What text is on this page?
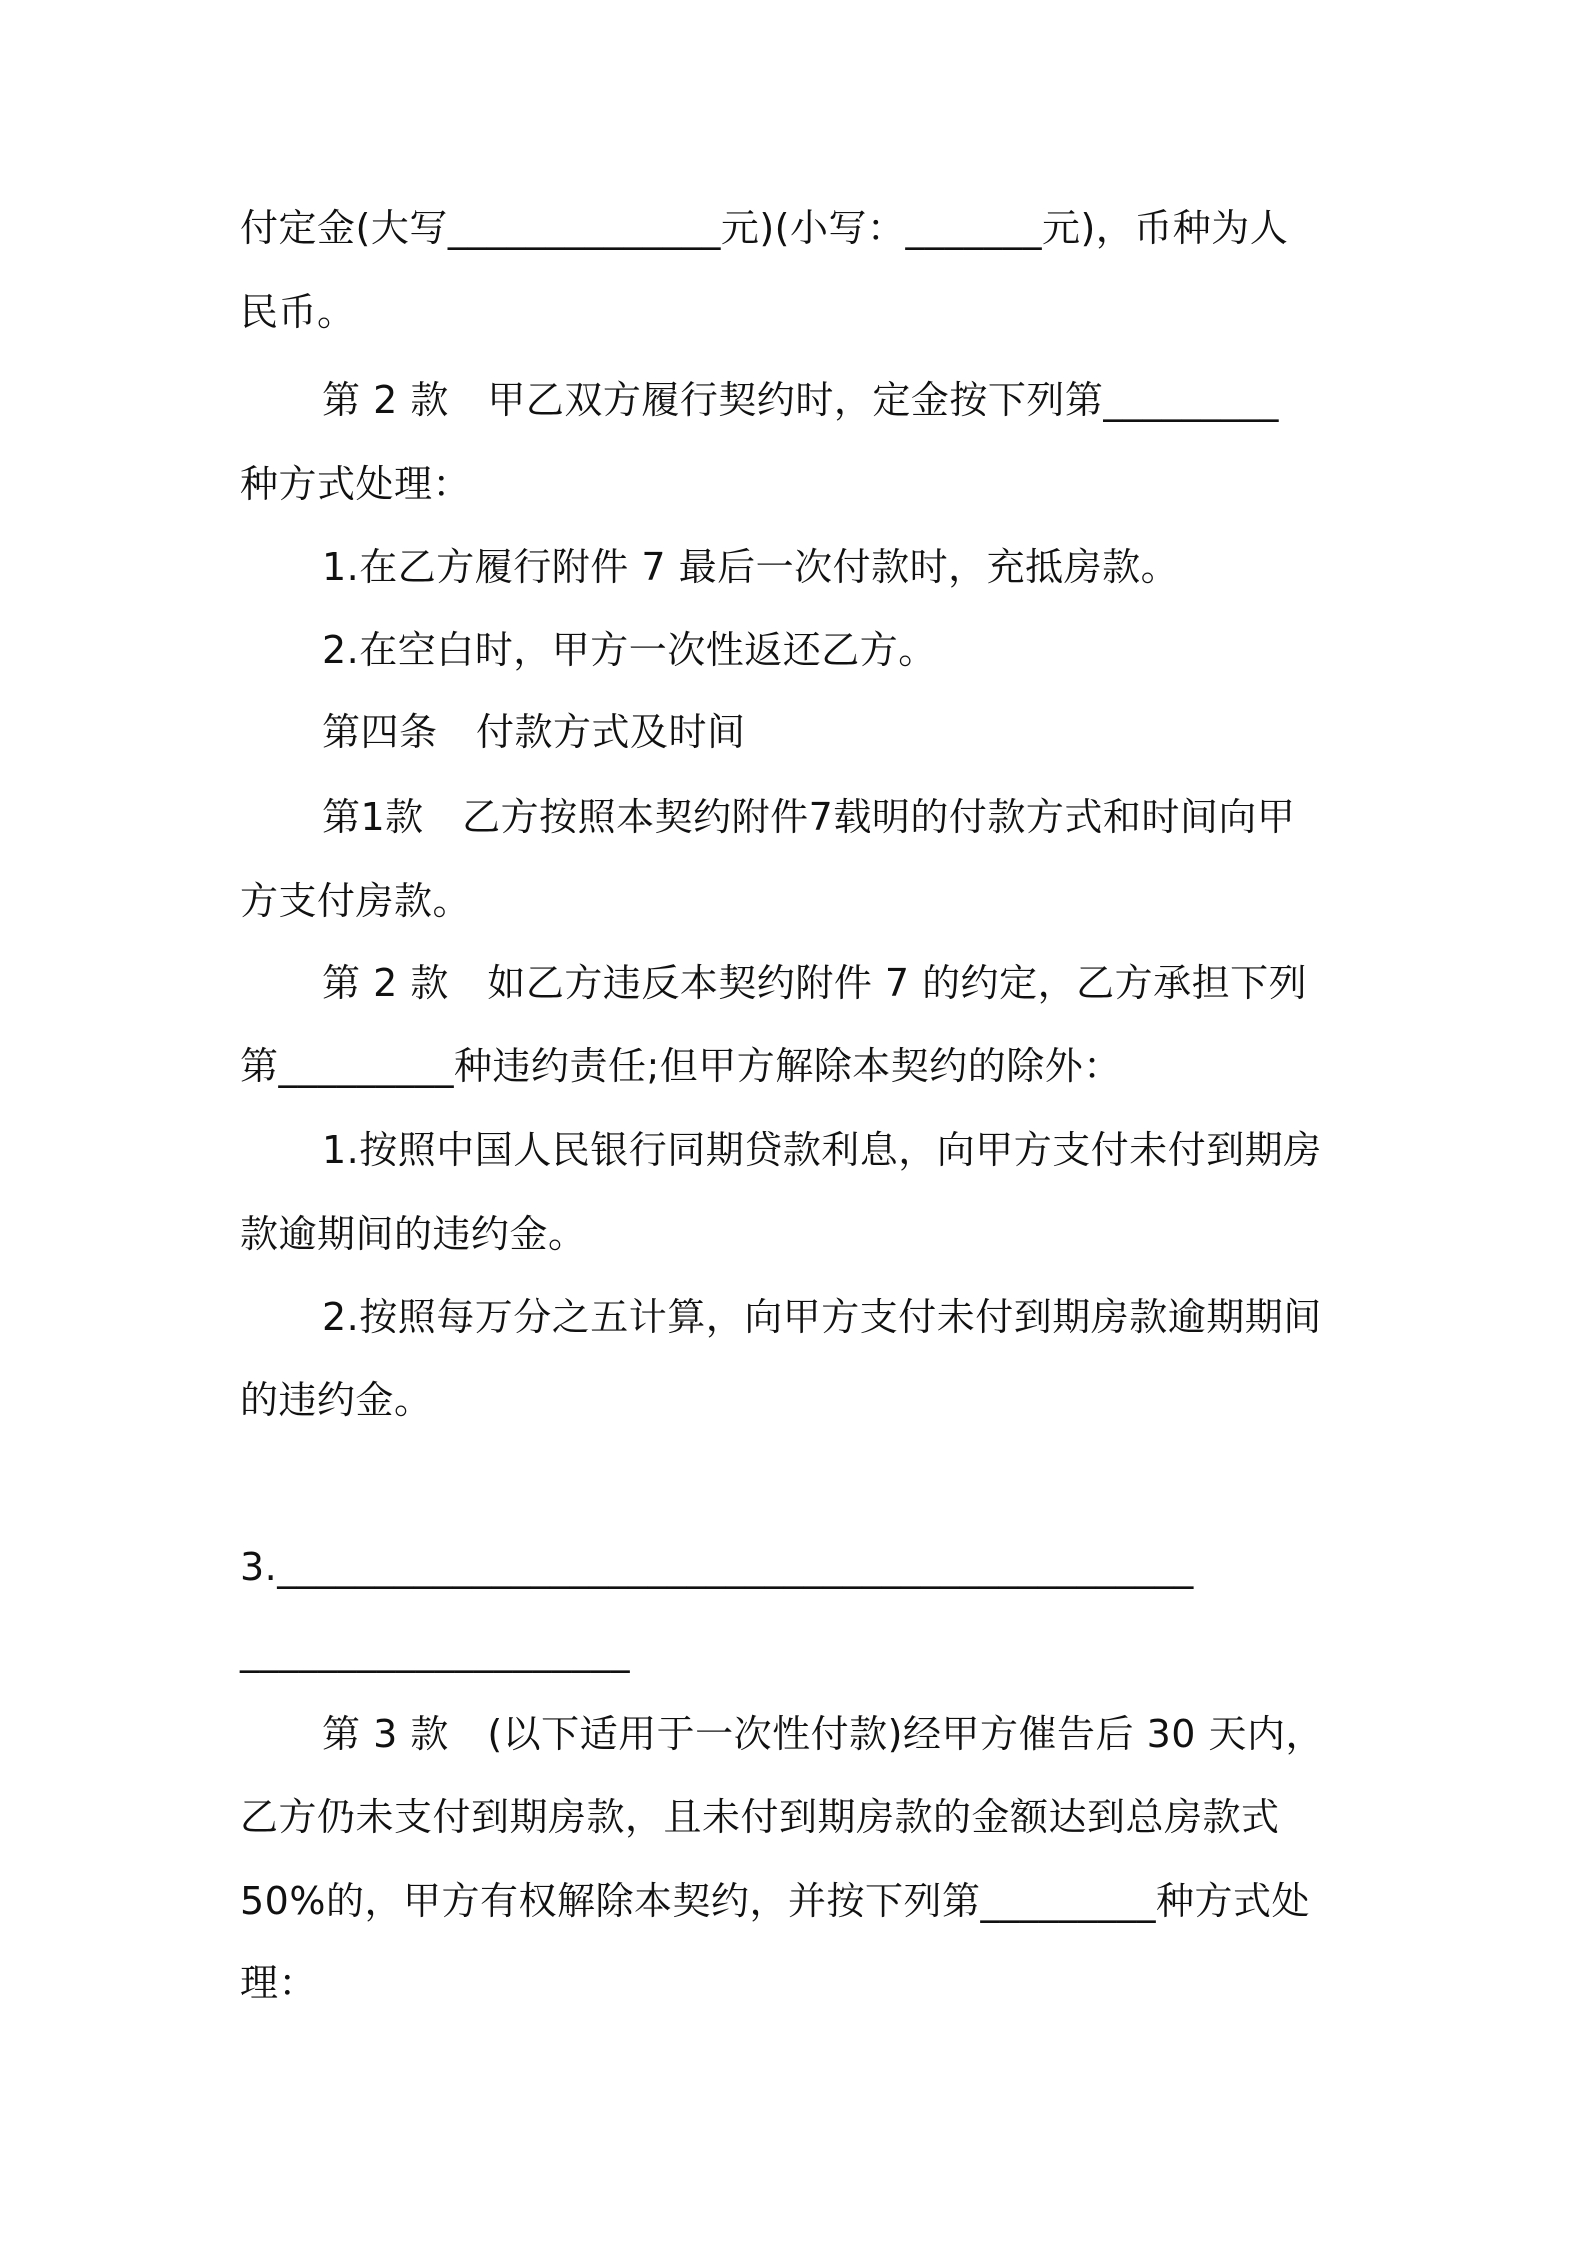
付定金(大写______________元)(小写：_______元)，币种为人
民币。
第 2 款　甲乙双方履行契约时，定金按下列第_________
种方式处理：
1.在乙方履行附件 7 最后一次付款时，充抵房款。
2.在空白时，甲方一次性返还乙方。
第四条　付款方式及时间
第1款　乙方按照本契约附件7载明的付款方式和时间向甲
方支付房款。
第 2 款　如乙方违反本契约附件 7 的约定，乙方承担下列
第_________种违约责任;但甲方解除本契约的除外：
1.按照中国人民银行同期贷款利息，向甲方支付未付到期房
款逾期间的违约金。
2.按照每万分之五计算，向甲方支付未付到期房款逾期期间
的违约金。
3._______________________________________________
____________________
第 3 款　(以下适用于一次性付款)经甲方催告后 30 天内，
乙方仍未支付到期房款，且未付到期房款的金额达到总房款式
50%的，甲方有权解除本契约，并按下列第_________种方式处
理：
